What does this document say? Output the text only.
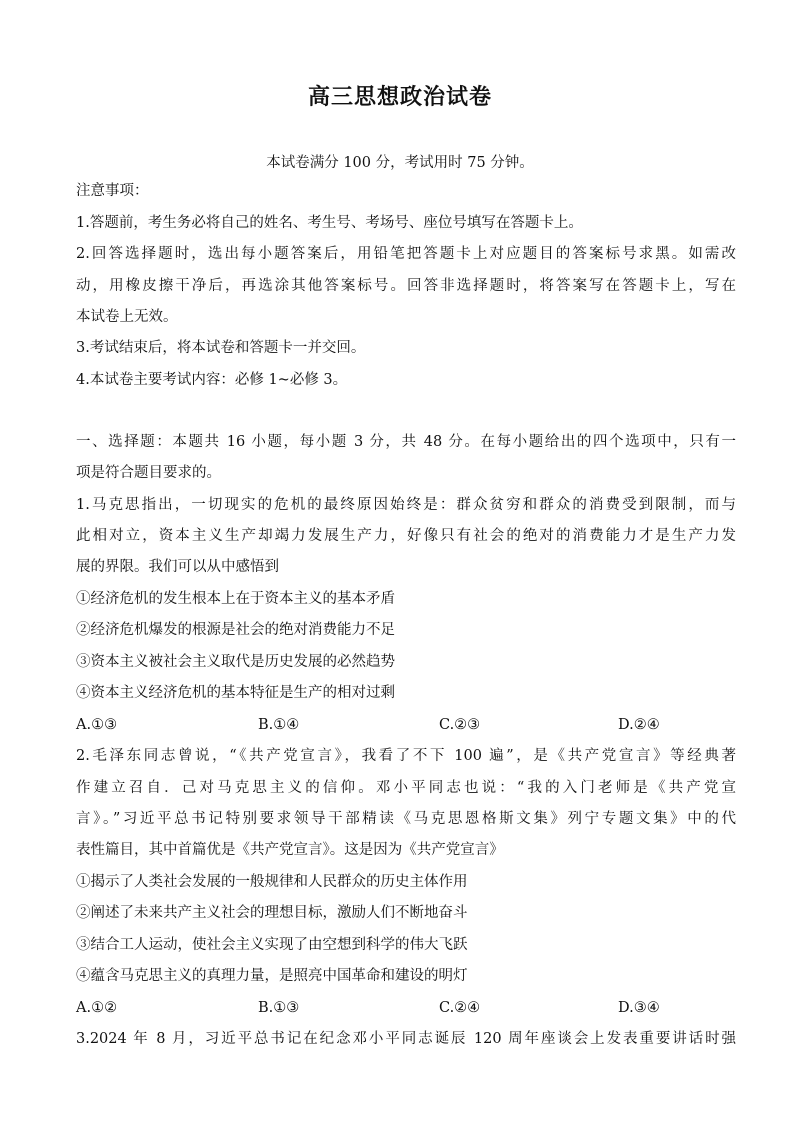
高三思想政治试卷
本试卷满分 100 分，考试用时 75 分钟。
注意事项：
1.答题前，考生务必将自己的姓名、考生号、考场号、座位号填写在答题卡上。
2.回答选择题时，选出每小题答案后，用铅笔把答题卡上对应题目的答案标号求黑。如需改
动，用橡皮擦干净后，再选涂其他答案标号。回答非选择题时，将答案写在答题卡上，写在
本试卷上无效。
3.考试结束后，将本试卷和答题卡一并交回。
4.本试卷主要考试内容：必修 1~必修 3。
一、选择题：本题共 16 小题，每小题 3 分，共 48 分。在每小题给出的四个选项中，只有一
项是符合题目要求的。
1.马克思指出，一切现实的危机的最终原因始终是：群众贫穷和群众的消费受到限制，而与
此相对立，资本主义生产却竭力发展生产力，好像只有社会的绝对的消费能力才是生产力发
展的界限。我们可以从中感悟到
①经济危机的发生根本上在于资本主义的基本矛盾
②经济危机爆发的根源是社会的绝对消费能力不足
③资本主义被社会主义取代是历史发展的必然趋势
④资本主义经济危机的基本特征是生产的相对过剩
A.①③	B.①④	C.②③	D.②④
2.毛泽东同志曾说，“《共产党宣言》，我看了不下 100 遍”，是《共产党宣言》等经典著
作建立召自．己对马克思主义的信仰。邓小平同志也说：“我的入门老师是《共产党宣
言》。”习近平总书记特别要求领导干部精读《马克思恩格斯文集》列宁专题文集》中的代
表性篇目，其中首篇优是《共产党宣言》。这是因为《共产党宣言》
①揭示了人类社会发展的一般规律和人民群众的历史主体作用
②阐述了未来共产主义社会的理想目标，激励人们不断地奋斗
③结合工人运动，使社会主义实现了由空想到科学的伟大飞跃
④蕴含马克思主义的真理力量，是照亮中国革命和建设的明灯
A.①②	B.①③	C.②④	D.③④
3.2024 年 8 月，习近平总书记在纪念邓小平同志诞辰 120 周年座谈会上发表重要讲话时强
